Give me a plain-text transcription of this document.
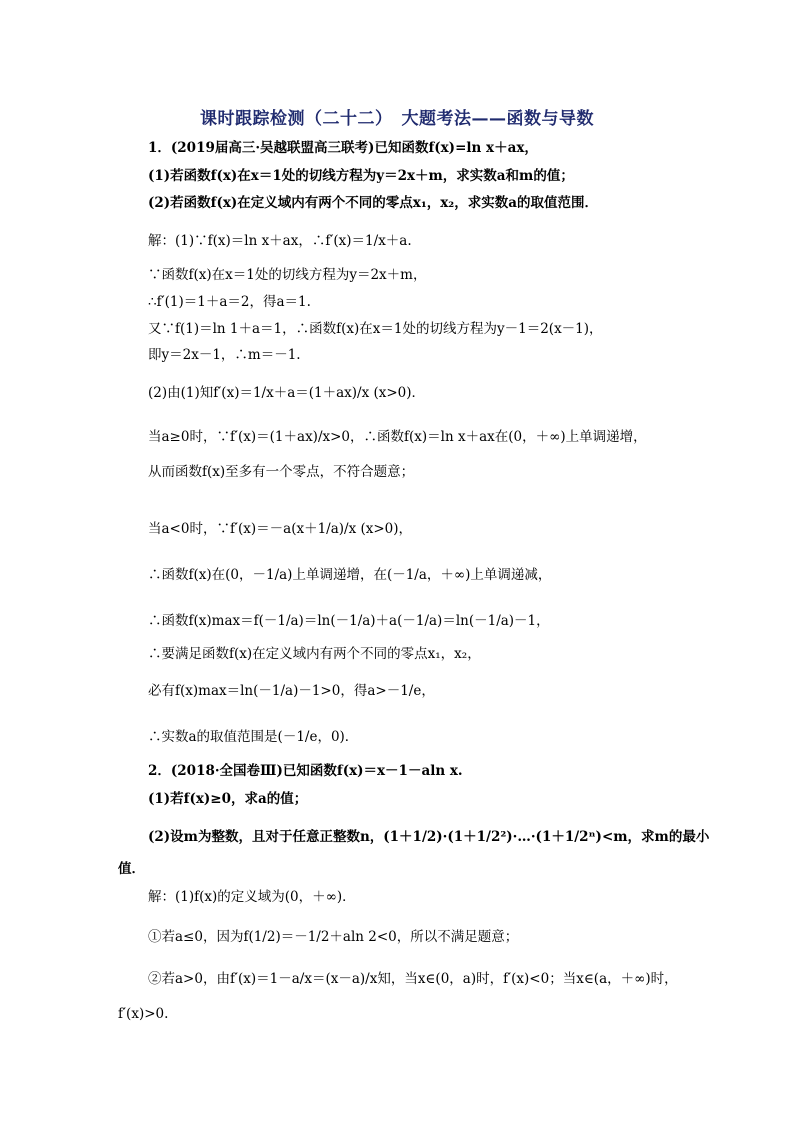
课时跟踪检测（二十二）　大题考法——函数与导数
1．(2019届高三·吴越联盟高三联考)已知函数f(x)=ln x＋ax，
(1)若函数f(x)在x＝1处的切线方程为y＝2x＋m，求实数a和m的值；
(2)若函数f(x)在定义域内有两个不同的零点x₁，x₂，求实数a的取值范围．
解：(1)∵f(x)＝ln x＋ax，∴f′(x)＝1/x＋a.
∵函数f(x)在x＝1处的切线方程为y＝2x＋m，
∴f′(1)＝1＋a＝2，得a＝1.
又∵f(1)＝ln 1＋a＝1，∴函数f(x)在x＝1处的切线方程为y－1＝2(x－1)，
即y＝2x－1，∴m＝－1.
(2)由(1)知f′(x)＝1/x＋a＝(1＋ax)/x (x>0)．
当a≥0时，∵f′(x)＝(1＋ax)/x>0，∴函数f(x)＝ln x＋ax在(0，＋∞)上单调递增，
从而函数f(x)至多有一个零点，不符合题意；
当a<0时，∵f′(x)＝－a(x＋1/a)/x (x>0)，
∴函数f(x)在(0，－1/a)上单调递增，在(－1/a，＋∞)上单调递减，
∴函数f(x)max＝f(－1/a)＝ln(－1/a)＋a(－1/a)＝ln(－1/a)－1，
∴要满足函数f(x)在定义域内有两个不同的零点x₁，x₂，
必有f(x)max＝ln(－1/a)－1>0，得a>－1/e，
∴实数a的取值范围是(－1/e，0)．
2．(2018·全国卷Ⅲ)已知函数f(x)＝x－1－aln x.
(1)若f(x)≥0，求a的值；
(2)设m为整数，且对于任意正整数n，(1＋1/2)·(1＋1/2²)·…·(1＋1/2ⁿ)<m，求m的最小
值．
解：(1)f(x)的定义域为(0，＋∞)．
①若a≤0，因为f(1/2)＝－1/2＋aln 2<0，所以不满足题意；
②若a>0，由f′(x)＝1－a/x＝(x－a)/x知，当x∈(0，a)时，f′(x)<0；当x∈(a，＋∞)时，
f′(x)>0.
